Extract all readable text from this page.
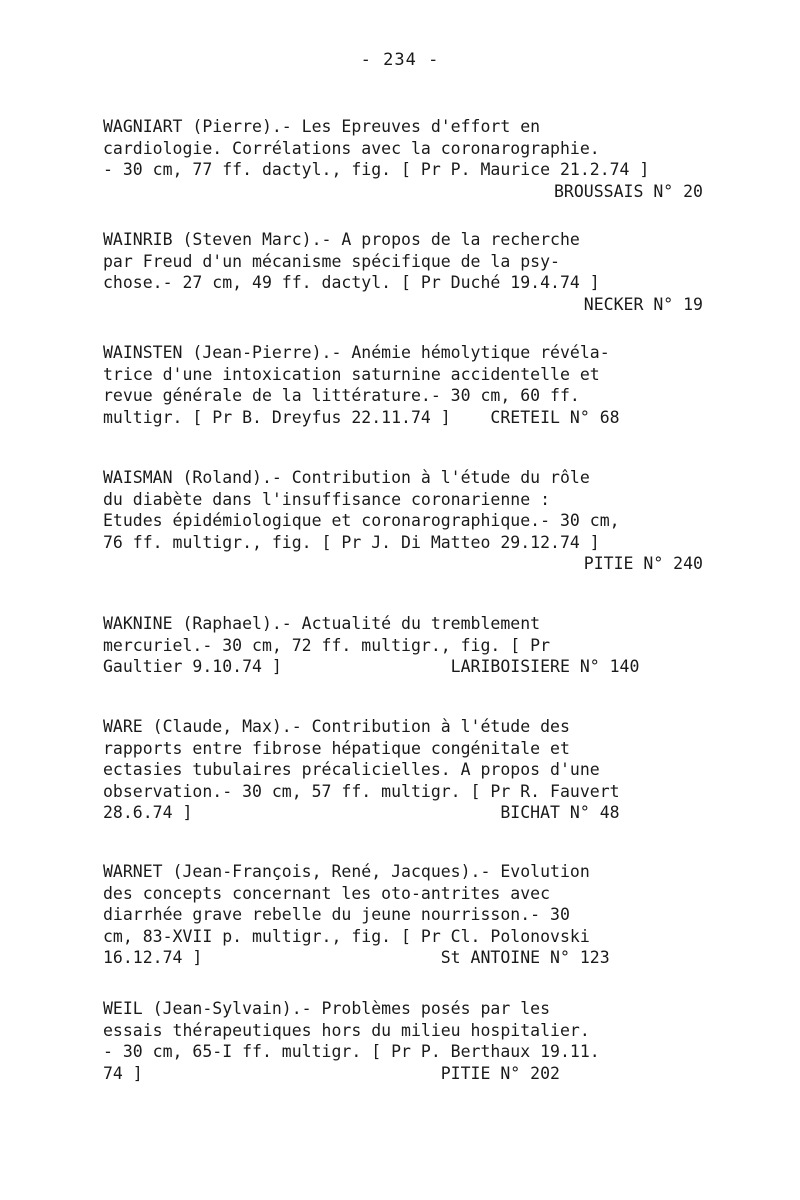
- 234 -
WAGNIART (Pierre).- Les Epreuves d'effort en
cardiologie. Corrélations avec la coronarographie.
- 30 cm, 77 ff. dactyl., fig. [ Pr P. Maurice 21.2.74 ]
BROUSSAIS N° 20
WAINRIB (Steven Marc).- A propos de la recherche
par Freud d'un mécanisme spécifique de la psy-
chose.- 27 cm, 49 ff. dactyl. [ Pr Duché 19.4.74 ]
NECKER N° 19
WAINSTEN (Jean-Pierre).- Anémie hémolytique révéla-
trice d'une intoxication saturnine accidentelle et
revue générale de la littérature.- 30 cm, 60 ff.
multigr. [ Pr B. Dreyfus 22.11.74 ]    CRETEIL N° 68
WAISMAN (Roland).- Contribution à l'étude du rôle
du diabète dans l'insuffisance coronarienne :
Etudes épidémiologique et coronarographique.- 30 cm,
76 ff. multigr., fig. [ Pr J. Di Matteo 29.12.74 ]
PITIE N° 240
WAKNINE (Raphael).- Actualité du tremblement
mercuriel.- 30 cm, 72 ff. multigr., fig. [ Pr
Gaultier 9.10.74 ]                 LARIBOISIERE N° 140
WARE (Claude, Max).- Contribution à l'étude des
rapports entre fibrose hépatique congénitale et
ectasies tubulaires précalicielles. A propos d'une
observation.- 30 cm, 57 ff. multigr. [ Pr R. Fauvert
28.6.74 ]                               BICHAT N° 48
WARNET (Jean-François, René, Jacques).- Evolution
des concepts concernant les oto-antrites avec
diarrhée grave rebelle du jeune nourrisson.- 30
cm, 83-XVII p. multigr., fig. [ Pr Cl. Polonovski
16.12.74 ]                        St ANTOINE N° 123
WEIL (Jean-Sylvain).- Problèmes posés par les
essais thérapeutiques hors du milieu hospitalier.
- 30 cm, 65-I ff. multigr. [ Pr P. Berthaux 19.11.
74 ]                              PITIE N° 202
